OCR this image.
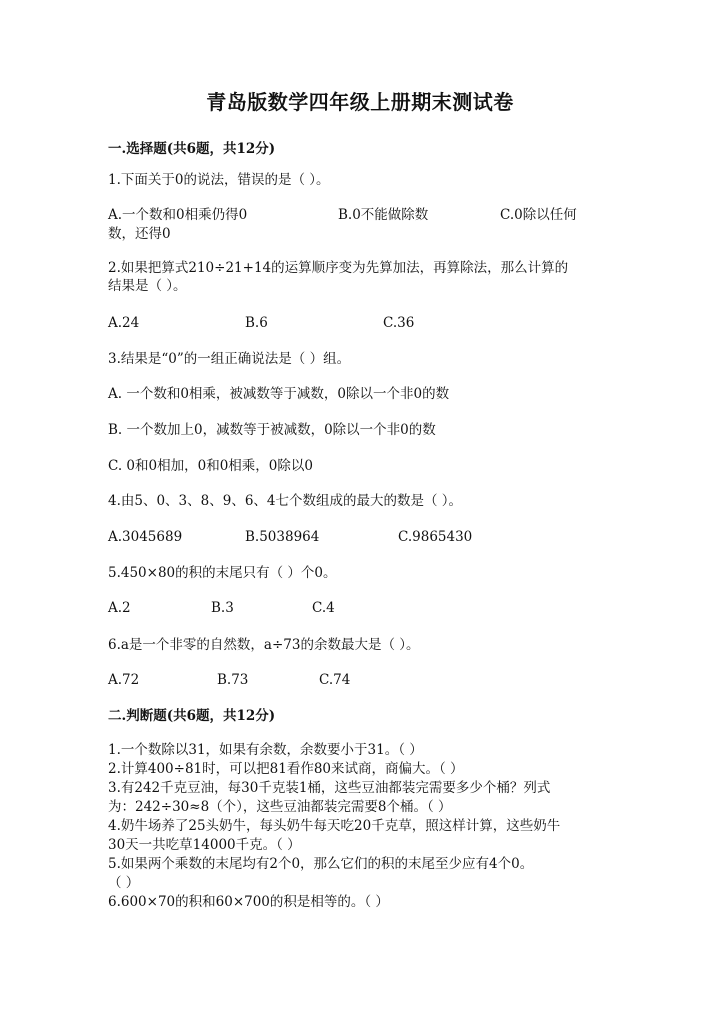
青岛版数学四年级上册期末测试卷
一.选择题(共6题，共12分)
1.下面关于0的说法，错误的是（ ）。
A.一个数和0相乘仍得0	B.0不能做除数	C.0除以任何
数，还得0
2.如果把算式210÷21+14的运算顺序变为先算加法，再算除法，那么计算的
结果是（ ）。
A.24	B.6	C.36
3.结果是“0”的一组正确说法是（ ）组。
A. 一个数和0相乘，被减数等于减数，0除以一个非0的数
B. 一个数加上0，减数等于被减数，0除以一个非0的数
C. 0和0相加，0和0相乘，0除以0
4.由5、0、3、8、9、6、4七个数组成的最大的数是（ ）。
A.3045689	B.5038964	C.9865430
5.450×80的积的末尾只有（ ）个0。
A.2	B.3	C.4
6.a是一个非零的自然数，a÷73的余数最大是（ ）。
A.72	B.73	C.74
二.判断题(共6题，共12分)
1.一个数除以31，如果有余数，余数要小于31。（ ）
2.计算400÷81时，可以把81看作80来试商，商偏大。（ ）
3.有242千克豆油，每30千克装1桶，这些豆油都装完需要多少个桶？列式
为：242÷30≈8（个），这些豆油都装完需要8个桶。（ ）
4.奶牛场养了25头奶牛，每头奶牛每天吃20千克草，照这样计算，这些奶牛
30天一共吃草14000千克。（ ）
5.如果两个乘数的末尾均有2个0，那么它们的积的末尾至少应有4个0。
（ ）
6.600×70的积和60×700的积是相等的。（ ）
